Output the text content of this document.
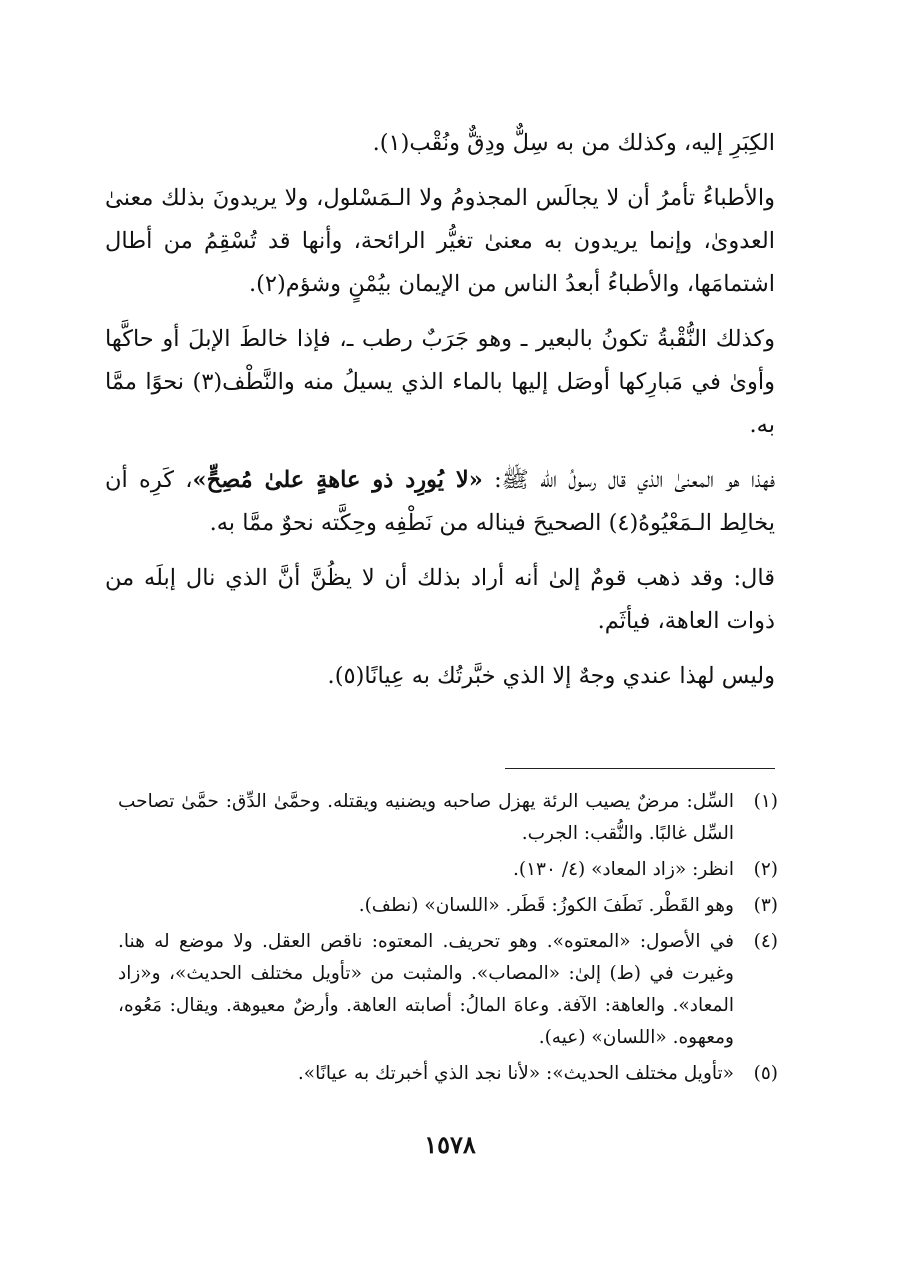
الكِبَرِ إليه، وكذلك من به سِلٌّ ودِقٌّ ونُقْب(١).

والأطباءُ تأمرُ أن لا يجالَس المجذومُ ولا الـمَسْلول، ولا يريدونَ بذلك معنىٰ العدوىٰ، وإنما يريدون به معنىٰ تغيُّر الرائحة، وأنها قد تُسْقِمُ من أطال اشتمامَها، والأطباءُ أبعدُ الناس من الإيمان بيُمْنٍ وشؤم(٢).

وكذلك النُّقْبةُ تكونُ بالبعير ـ وهو جَرَبٌ رطب ـ، فإذا خالطَ الإبلَ أو حاكَّها وأوىٰ في مَبارِكها أوصَل إليها بالماء الذي يسيلُ منه والنَّطْف(٣) نحوًا ممَّا به.

فهذا هو المعنىٰ الذي قال رسولُ الله ﷺ: «لا يُورِد ذو عاهةٍ علىٰ مُصِحٍّ»، كَرِه أن يخالِط الـمَعْيُوهُ(٤) الصحيحَ فيناله من نَطْفِه وحِكَّته نحوٌ ممَّا به.

قال: وقد ذهب قومٌ إلىٰ أنه أراد بذلك أن لا يظُنَّ أنَّ الذي نال إبلَه من ذوات العاهة، فيأثَم.

وليس لهذا عندي وجهٌ إلا الذي خبَّرتُك به عِيانًا(٥).

(١)
السِّل: مرضٌ يصيب الرئة يهزل صاحبه ويضنيه ويقتله. وحمَّىٰ الدِّق: حمَّىٰ تصاحب السِّل غالبًا. والنُّقب: الجرب.
(٢)
انظر: «زاد المعاد» (٤/ ١٣٠).
(٣)
وهو القَطْر. نَطَفَ الكوزُ: قَطَر. «اللسان» (نطف).
(٤)
في الأصول: «المعتوه». وهو تحريف. المعتوه: ناقص العقل. ولا موضع له هنا. وغيرت في (ط) إلىٰ: «المصاب». والمثبت من «تأويل مختلف الحديث»، و«زاد المعاد». والعاهة: الآفة. وعاهَ المالُ: أصابته العاهة. وأرضٌ معيوهة. ويقال: مَعُوه، ومعهوه. «اللسان» (عيه).
(٥)
«تأويل مختلف الحديث»: «لأنا نجد الذي أخبرتك به عيانًا».
١٥٧٨
